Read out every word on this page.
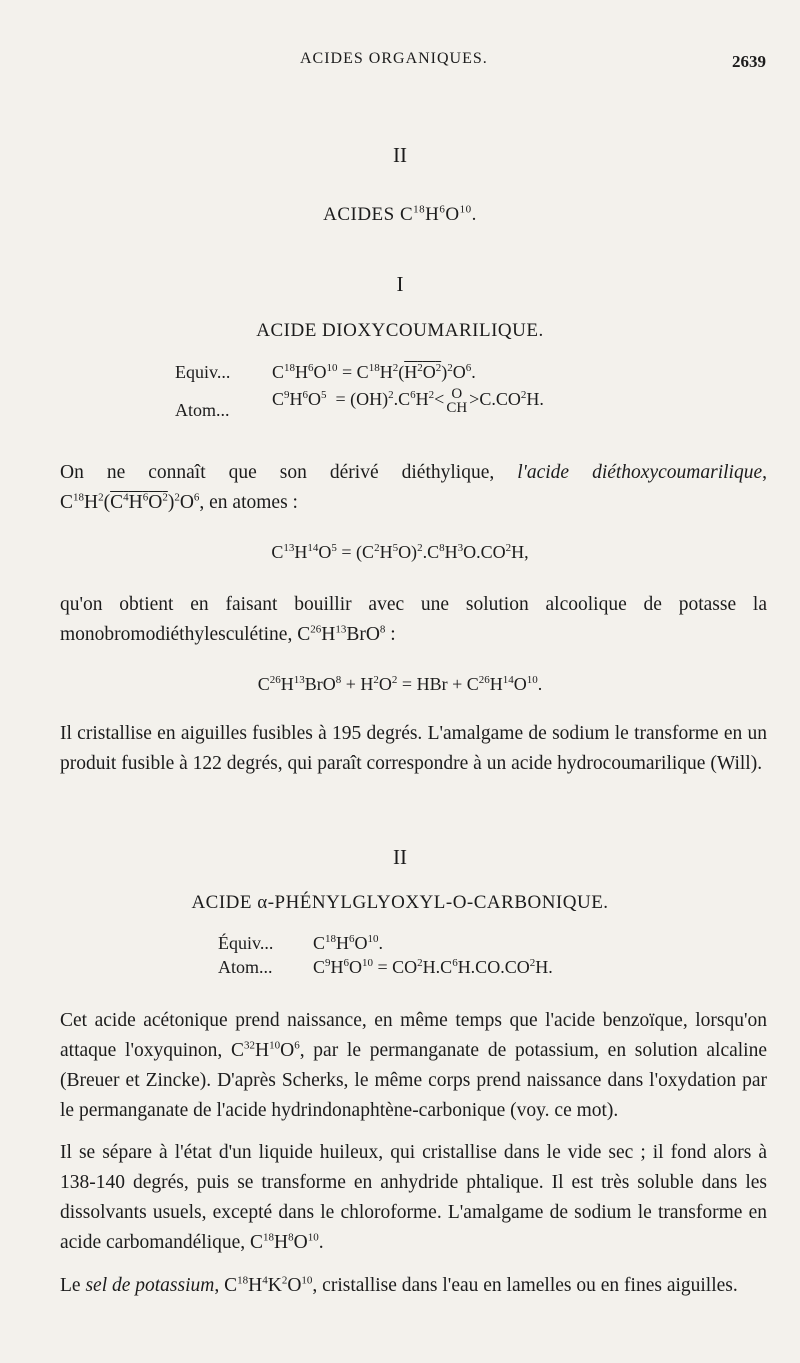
ACIDES ORGANIQUES.	2639
II
ACIDES $C^{18}H^6O^{10}$.
I
ACIDE DIOXYCOUMARILIQUE.
Equiv... $C^{18}H^6O^{10} = C^{18}H^2(H^2O^2)^2O^6$.
Atom...
$C^9H^6O^5 = (OH)^2.C^6H^2< O$
CH $>C.CO^2H$.
On ne connaît que son dérivé diéthylique, l'acide diéthoxycoumarilique, $C^{18}H^2(C^4H^6O^2)^2O^6$, en atomes :
$C^{13}H^{14}O^5 = (C^2H^5O)^2.C^8H^3O.CO^2H$,
qu'on obtient en faisant bouillir avec une solution alcoolique de potasse la monobromodiéthylesculétine, $C^{26}H^{13}BrO^8$ :
$C^{26}H^{13}BrO^8 + H^2O^2$ = HBr + $C^{26}H^{14}O^{10}$.
Il cristallise en aiguilles fusibles à 195 degrés. L'amalgame de sodium le transforme en un produit fusible à 122 degrés, qui paraît correspondre à un acide hydrocoumarilique (Will).
II
ACIDE α-PHÉNYLGLYOXYL-O-CARBONIQUE.
Équiv... $C^{18}H^6O^{10}$.
Atom... $C^9H^6O^{10} = CO^2H.C^6H.CO.CO^2H$.
Cet acide acétonique prend naissance, en même temps que l'acide benzoïque, lorsqu'on attaque l'oxyquinon, $C^{32}H^{10}O^6$, par le permanganate de potassium, en solution alcaline (Breuer et Zincke). D'après Scherks, le même corps prend naissance dans l'oxydation par le permanganate de l'acide hydrindonaphtène-carbonique (voy. ce mot).
Il se sépare à l'état d'un liquide huileux, qui cristallise dans le vide sec ; il fond alors à 138-140 degrés, puis se transforme en anhydride phtalique. Il est très soluble dans les dissolvants usuels, excepté dans le chloroforme. L'amalgame de sodium le transforme en acide carbomandélique, $C^{18}H^8O^{10}$.
Le sel de potassium, $C^{18}H^4K^2O^{10}$, cristallise dans l'eau en lamelles ou en fines aiguilles.
